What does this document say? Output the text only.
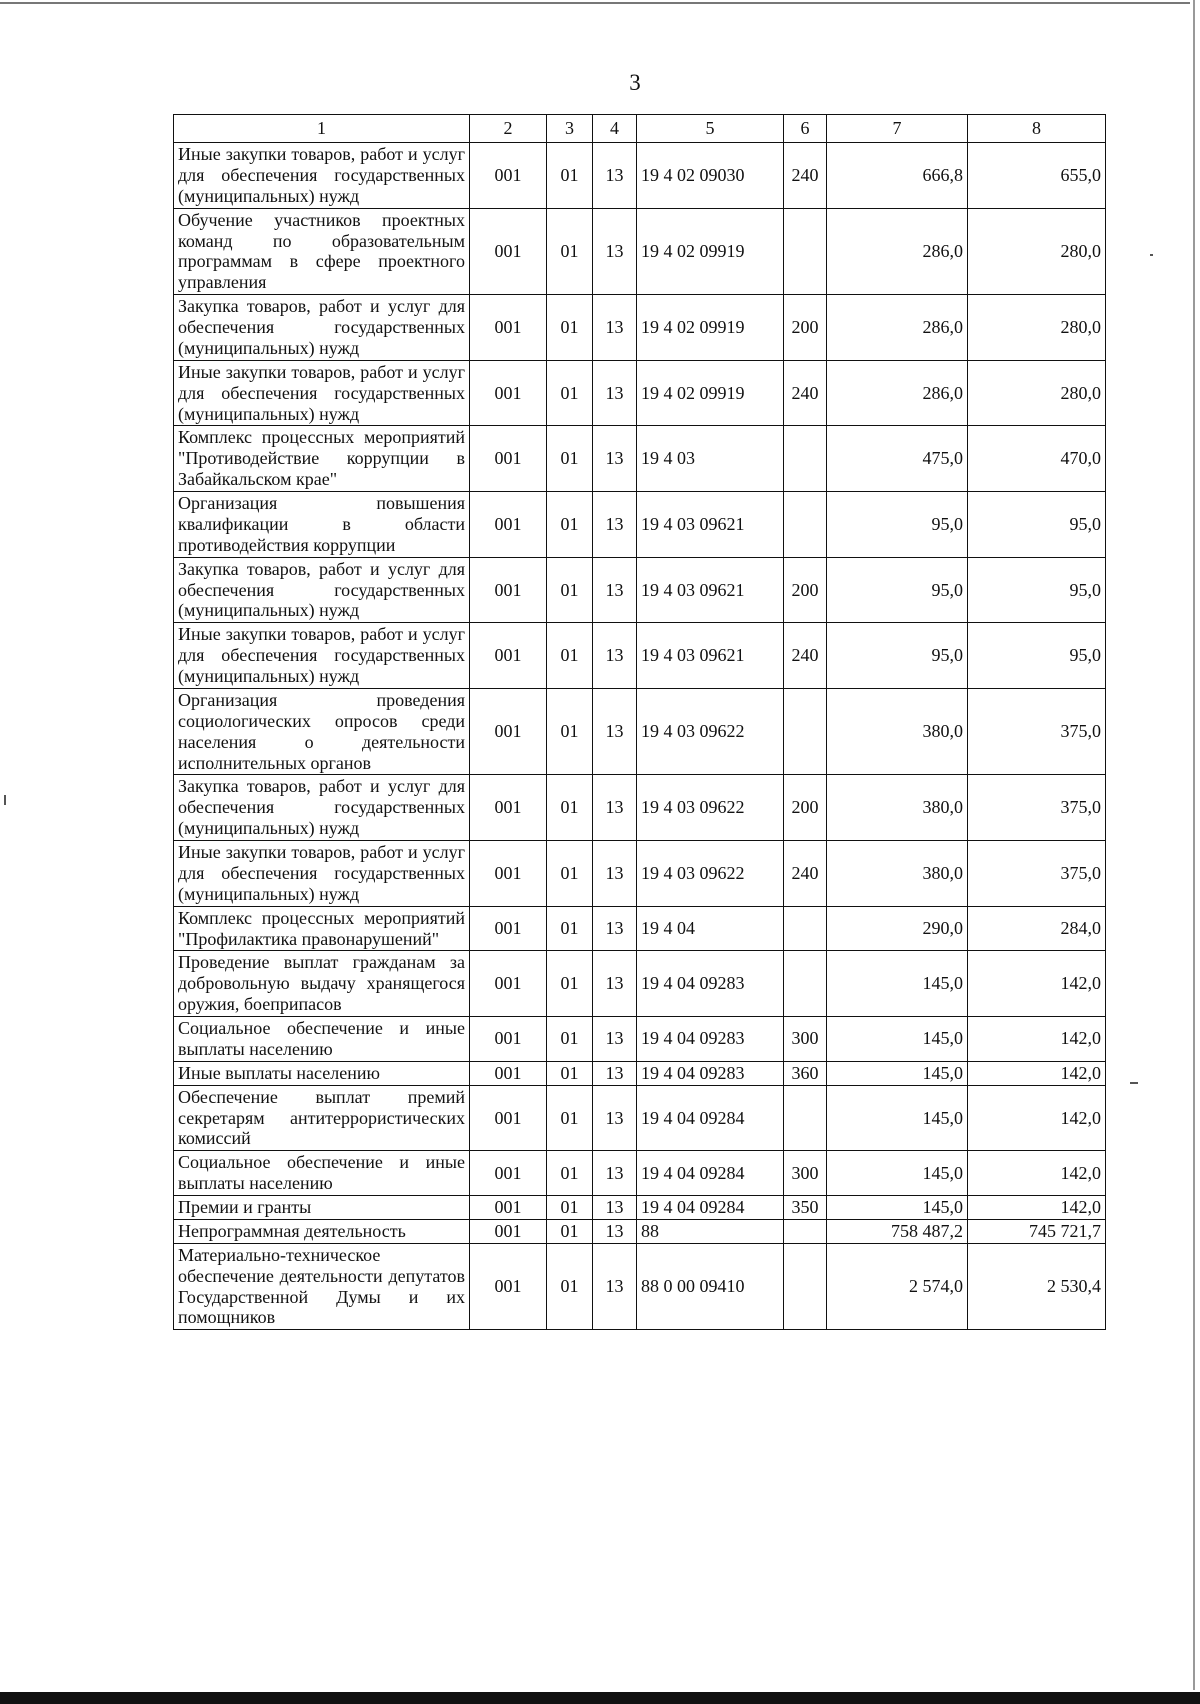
3
1	2	3	4	5	6	7	8
Иные закупки товаров, работ и услуг для обеспечения государственных (муниципальных) нужд	001	01	13	19 4 02 09030	240	666,8	655,0
Обучение участников проектных команд по образовательным программам в сфере проектного управления	001	01	13	19 4 02 09919		286,0	280,0
Закупка товаров, работ и услуг для обеспечения государственных (муниципальных) нужд	001	01	13	19 4 02 09919	200	286,0	280,0
Иные закупки товаров, работ и услуг для обеспечения государственных (муниципальных) нужд	001	01	13	19 4 02 09919	240	286,0	280,0
Комплекс процессных мероприятий "Противодействие коррупции в Забайкальском крае"	001	01	13	19 4 03		475,0	470,0
Организация повышения квалификации в области противодействия коррупции	001	01	13	19 4 03 09621		95,0	95,0
Закупка товаров, работ и услуг для обеспечения государственных (муниципальных) нужд	001	01	13	19 4 03 09621	200	95,0	95,0
Иные закупки товаров, работ и услуг для обеспечения государственных (муниципальных) нужд	001	01	13	19 4 03 09621	240	95,0	95,0
Организация проведения социологических опросов среди населения о деятельности исполнительных органов	001	01	13	19 4 03 09622		380,0	375,0
Закупка товаров, работ и услуг для обеспечения государственных (муниципальных) нужд	001	01	13	19 4 03 09622	200	380,0	375,0
Иные закупки товаров, работ и услуг для обеспечения государственных (муниципальных) нужд	001	01	13	19 4 03 09622	240	380,0	375,0
Комплекс процессных мероприятий "Профилактика правонарушений"	001	01	13	19 4 04		290,0	284,0
Проведение выплат гражданам за добровольную выдачу хранящегося оружия, боеприпасов	001	01	13	19 4 04 09283		145,0	142,0
Социальное обеспечение и иные выплаты населению	001	01	13	19 4 04 09283	300	145,0	142,0
Иные выплаты населению	001	01	13	19 4 04 09283	360	145,0	142,0
Обеспечение выплат премий секретарям антитеррористических комиссий	001	01	13	19 4 04 09284		145,0	142,0
Социальное обеспечение и иные выплаты населению	001	01	13	19 4 04 09284	300	145,0	142,0
Премии и гранты	001	01	13	19 4 04 09284	350	145,0	142,0
Непрограммная деятельность	001	01	13	88		758 487,2	745 721,7
Материально-техническое обеспечение деятельности депутатов Государственной Думы и их помощников	001	01	13	88 0 00 09410		2 574,0	2 530,4
